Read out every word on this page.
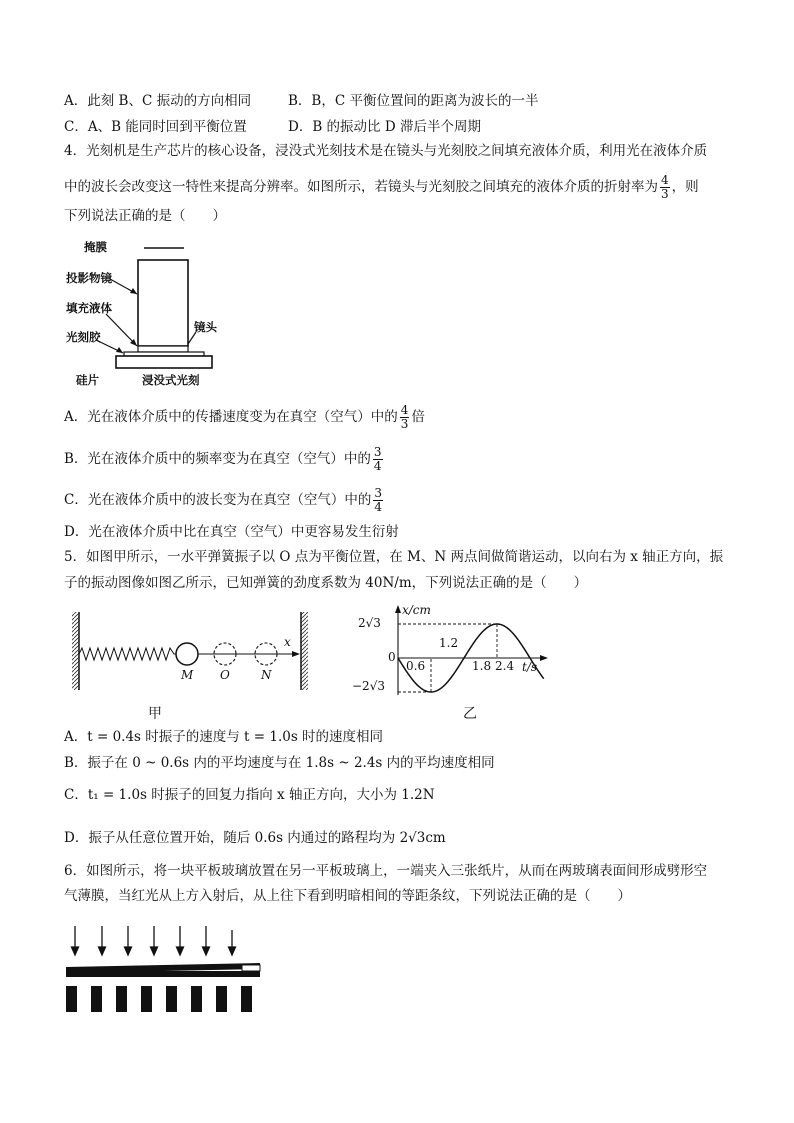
A．此刻 B、C 振动的方向相同	B．B，C 平衡位置间的距离为波长的一半
C．A、B 能同时回到平衡位置	D．B 的振动比 D 滞后半个周期
4．光刻机是生产芯片的核心设备，浸没式光刻技术是在镜头与光刻胶之间填充液体介质，利用光在液体介质
中的波长会改变这一特性来提高分辨率。如图所示，若镜头与光刻胶之间填充的液体介质的折射率为 $\frac{4}{3}$ ，则
下列说法正确的是（　　）
掩膜
投影物镜
填充液体
光刻胶
镜头
硅片	浸没式光刻
A．光在液体介质中的传播速度变为在真空（空气）中的 $\frac{4}{3}$ 倍
B．光在液体介质中的频率变为在真空（空气）中的 $\frac{3}{4}$
C．光在液体介质中的波长变为在真空（空气）中的 $\frac{3}{4}$
D．光在液体介质中比在真空（空气）中更容易发生衍射
5．如图甲所示，一水平弹簧振子以 O 点为平衡位置，在 M、N 两点间做简谐运动，以向右为 x 轴正方向，振
子的振动图像如图乙所示，已知弹簧的劲度系数为 40N/m，下列说法正确的是（　　）
M O	N
x
甲
x/cm
2√3
0
−2√3
0.6
1.2
1.8 2.4 t/s
乙
A．t = 0.4s 时振子的速度与 t = 1.0s 时的速度相同
B．振子在 0 ~ 0.6s 内的平均速度与在 1.8s ~ 2.4s 内的平均速度相同
C．t₁ = 1.0s 时振子的回复力指向 x 轴正方向，大小为 1.2N
D．振子从任意位置开始，随后 0.6s 内通过的路程均为 2√3cm
6．如图所示，将一块平板玻璃放置在另一平板玻璃上，一端夹入三张纸片，从而在两玻璃表面间形成劈形空
气薄膜，当红光从上方入射后，从上往下看到明暗相间的等距条纹，下列说法正确的是（　　）
